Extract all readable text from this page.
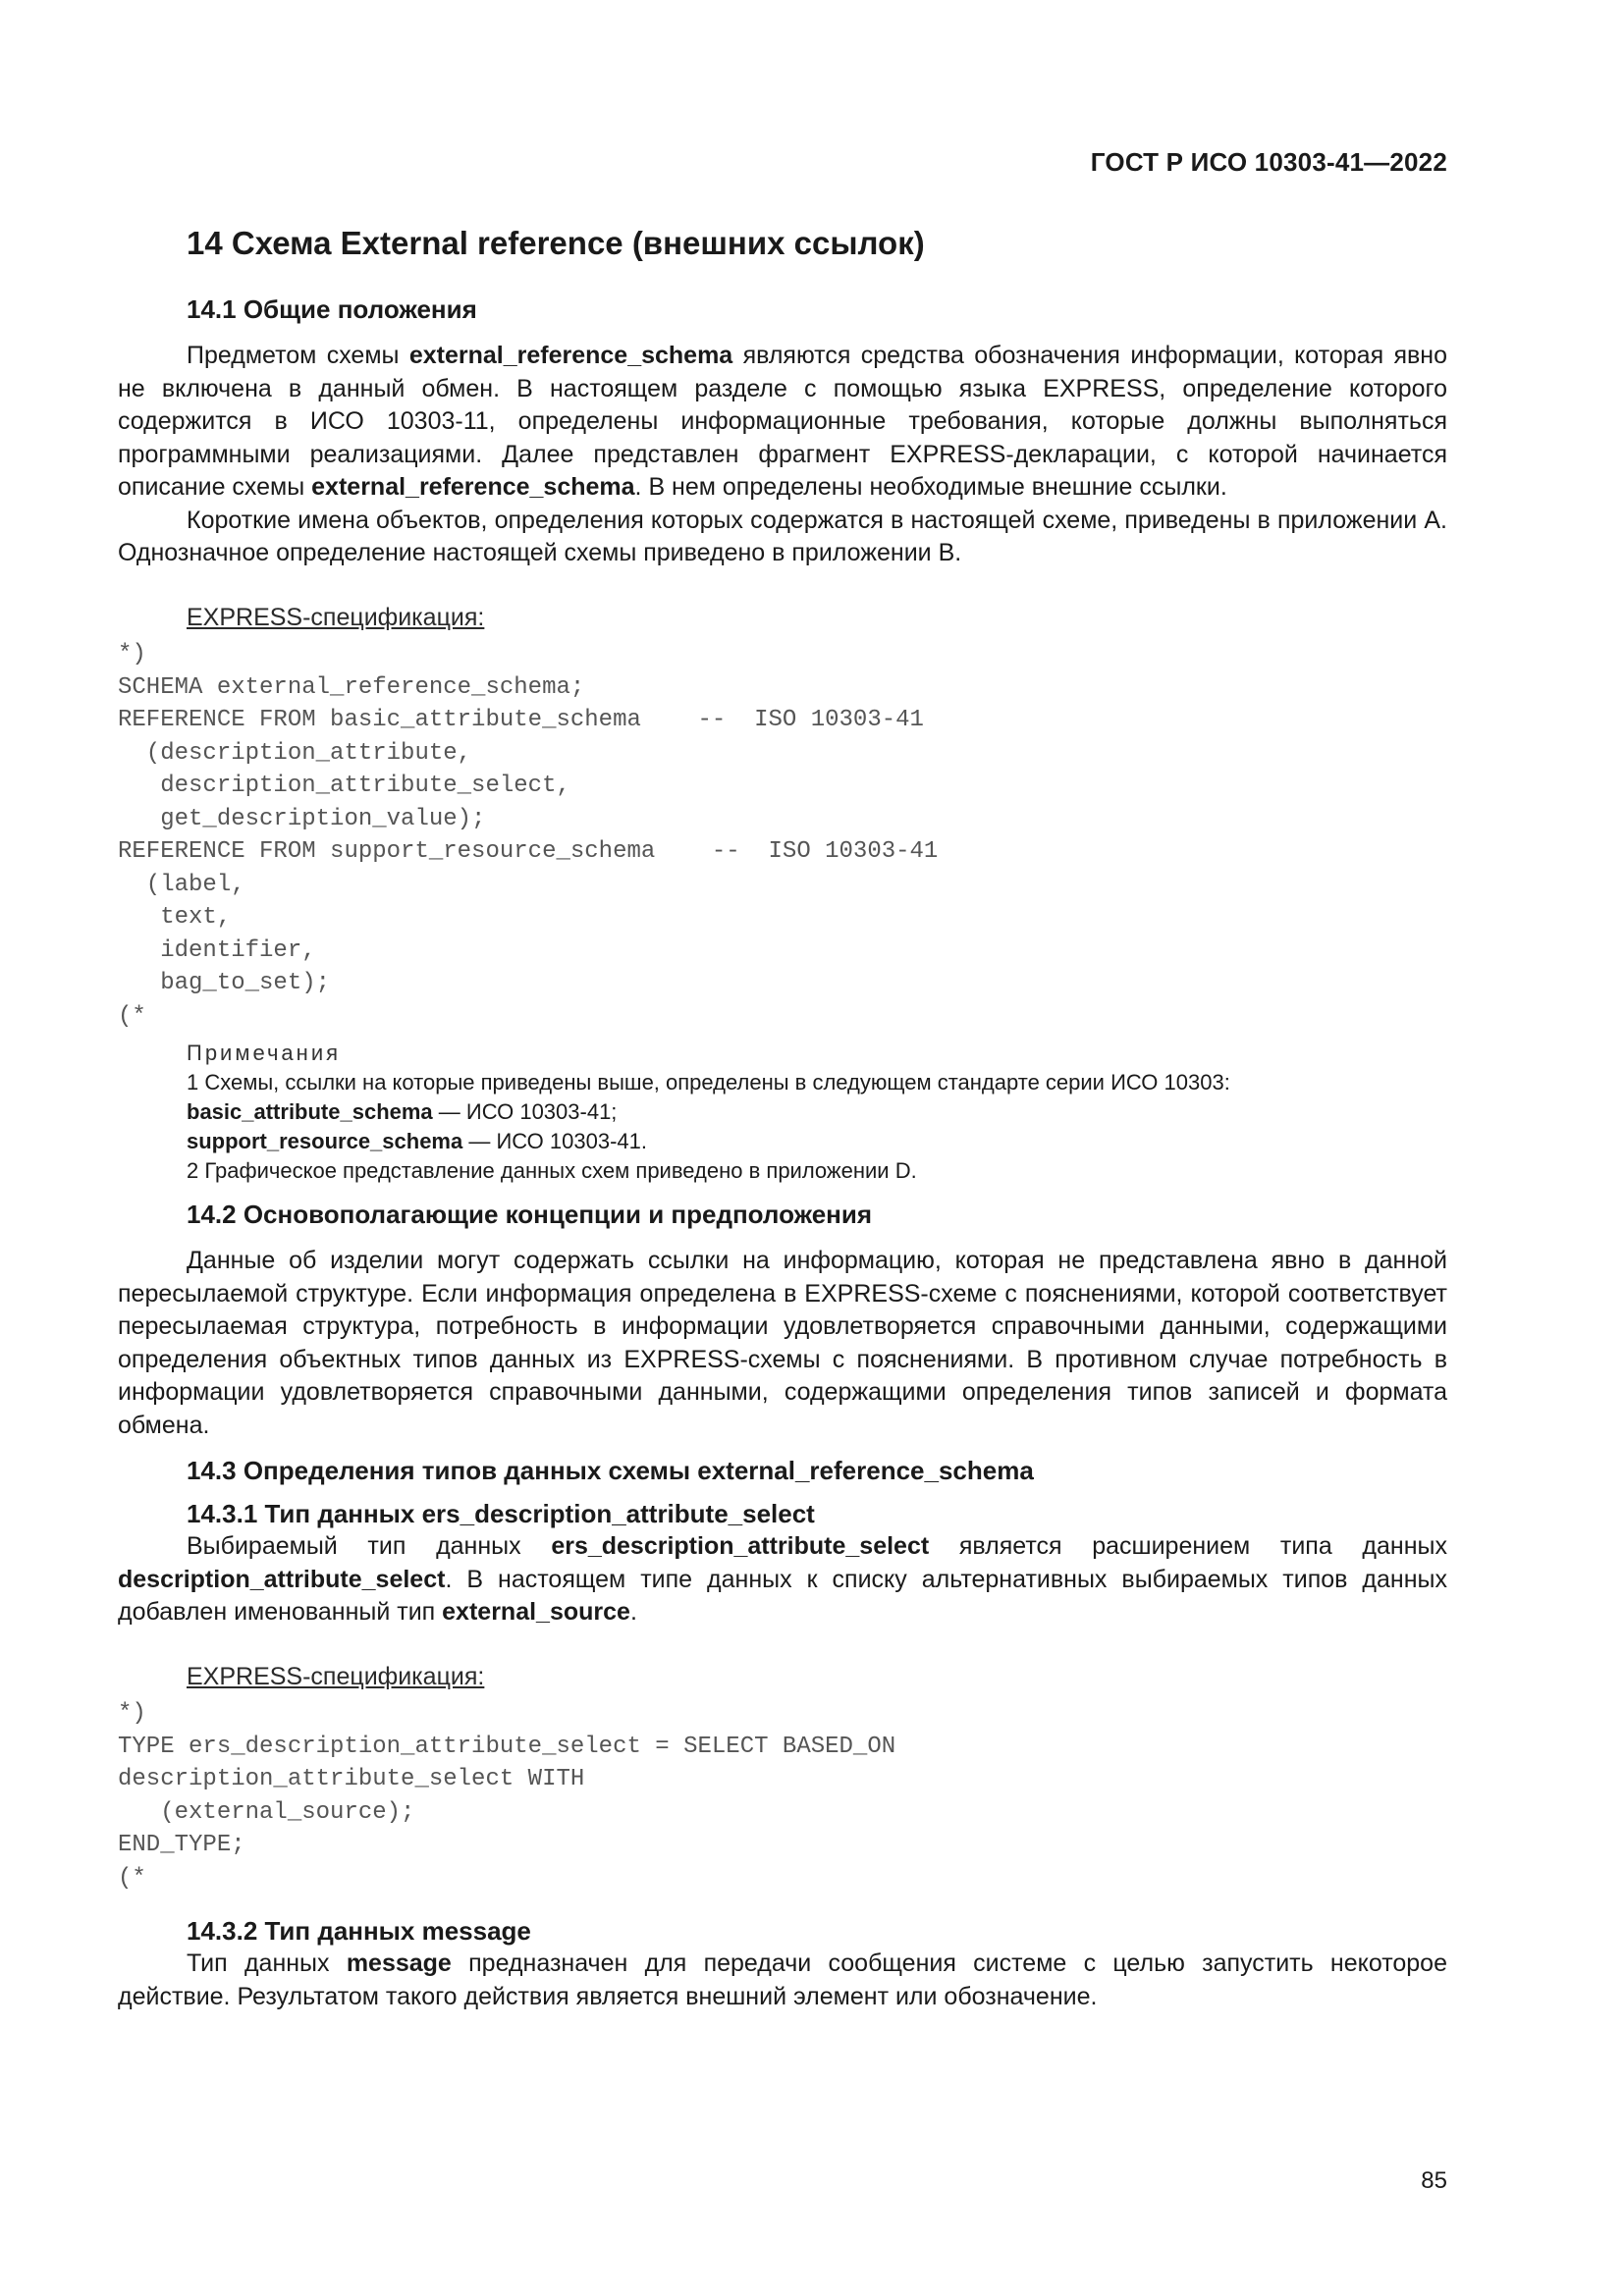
ГОСТ Р ИСО 10303-41—2022
14 Схема External reference (внешних ссылок)
14.1 Общие положения

Предметом схемы external_reference_schema являются средства обозначения информации, которая явно не включена в данный обмен. В настоящем разделе с помощью языка EXPRESS, определение которого содержится в ИСО 10303-11, определены информационные требования, которые должны выполняться программными реализациями. Далее представлен фрагмент EXPRESS-декларации, с которой начинается описание схемы external_reference_schema. В нем определены необходимые внешние ссылки.

Короткие имена объектов, определения которых содержатся в настоящей схеме, приведены в приложении А. Однозначное определение настоящей схемы приведено в приложении В.

EXPRESS-спецификация:
*)
SCHEMA external_reference_schema;
REFERENCE FROM basic_attribute_schema    --  ISO 10303-41
(description_attribute,
description_attribute_select,
get_description_value);
REFERENCE FROM support_resource_schema    --  ISO 10303-41
(label,
text,
identifier,
bag_to_set);
(*
Примечания
1 Схемы, ссылки на которые приведены выше, определены в следующем стандарте серии ИСО 10303:
basic_attribute_schema — ИСО 10303-41;
support_resource_schema — ИСО 10303-41.
2 Графическое представление данных схем приведено в приложении D.
14.2 Основополагающие концепции и предположения

Данные об изделии могут содержать ссылки на информацию, которая не представлена явно в данной пересылаемой структуре. Если информация определена в EXPRESS-схеме с пояснениями, которой соответствует пересылаемая структура, потребность в информации удовлетворяется справочными данными, содержащими определения объектных типов данных из EXPRESS-схемы с пояснениями. В противном случае потребность в информации удовлетворяется справочными данными, содержащими определения типов записей и формата обмена.

14.3 Определения типов данных схемы external_reference_schema
14.3.1 Тип данных ers_description_attribute_select

Выбираемый тип данных ers_description_attribute_select является расширением типа данных description_attribute_select. В настоящем типе данных к списку альтернативных выбираемых типов данных добавлен именованный тип external_source.

EXPRESS-спецификация:
*)
TYPE ers_description_attribute_select = SELECT BASED_ON
description_attribute_select WITH
(external_source);
END_TYPE;
(*
14.3.2 Тип данных message

Тип данных message предназначен для передачи сообщения системе с целью запустить некоторое действие. Результатом такого действия является внешний элемент или обозначение.

85
